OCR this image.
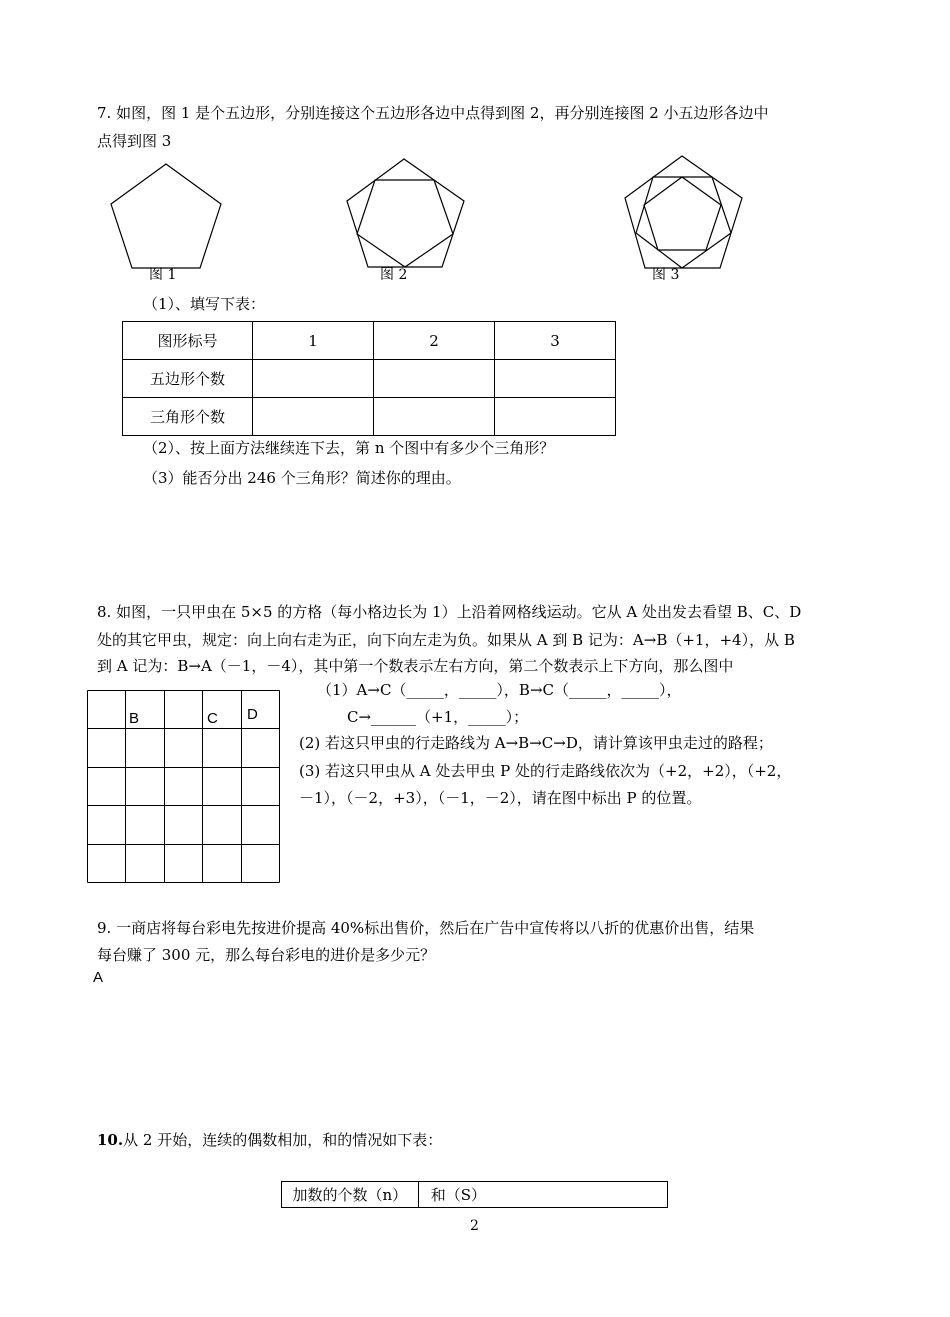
7. 如图，图 1 是个五边形，分别连接这个五边形各边中点得到图 2，再分别连接图 2 小五边形各边中
点得到图 3
图 1	图 2	图 3
（1）、填写下表：
图形标号	1	2	3
五边形个数			
三角形个数			
（2）、按上面方法继续连下去，第 n 个图中有多少个三角形？
（3）能否分出 246 个三角形？简述你的理由。
8. 如图，一只甲虫在 5×5 的方格（每小格边长为 1）上沿着网格线运动。它从 A 处出发去看望 B、C、D
处的其它甲虫，规定：向上向右走为正，向下向左走为负。如果从 A 到 B 记为：A→B（+1，+4），从 B
到 A 记为：B→A（－1，－4），其中第一个数表示左右方向，第二个数表示上下方向，那么图中
B	C D
（1）A→C（_____，_____），B→C（_____，_____），
C→______（+1，_____）；
(2) 若这只甲虫的行走路线为 A→B→C→D，请计算该甲虫走过的路程；
(3) 若这只甲虫从 A 处去甲虫 P 处的行走路线依次为（+2，+2），（+2，
－1），（－2，+3），（－1，－2），请在图中标出 P 的位置。
9. 一商店将每台彩电先按进价提高 40%标出售价，然后在广告中宣传将以八折的优惠价出售，结果
每台赚了 300 元，那么每台彩电的进价是多少元？
A
10.从 2 开始，连续的偶数相加，和的情况如下表：
加数的个数（n）	和（S）
2
